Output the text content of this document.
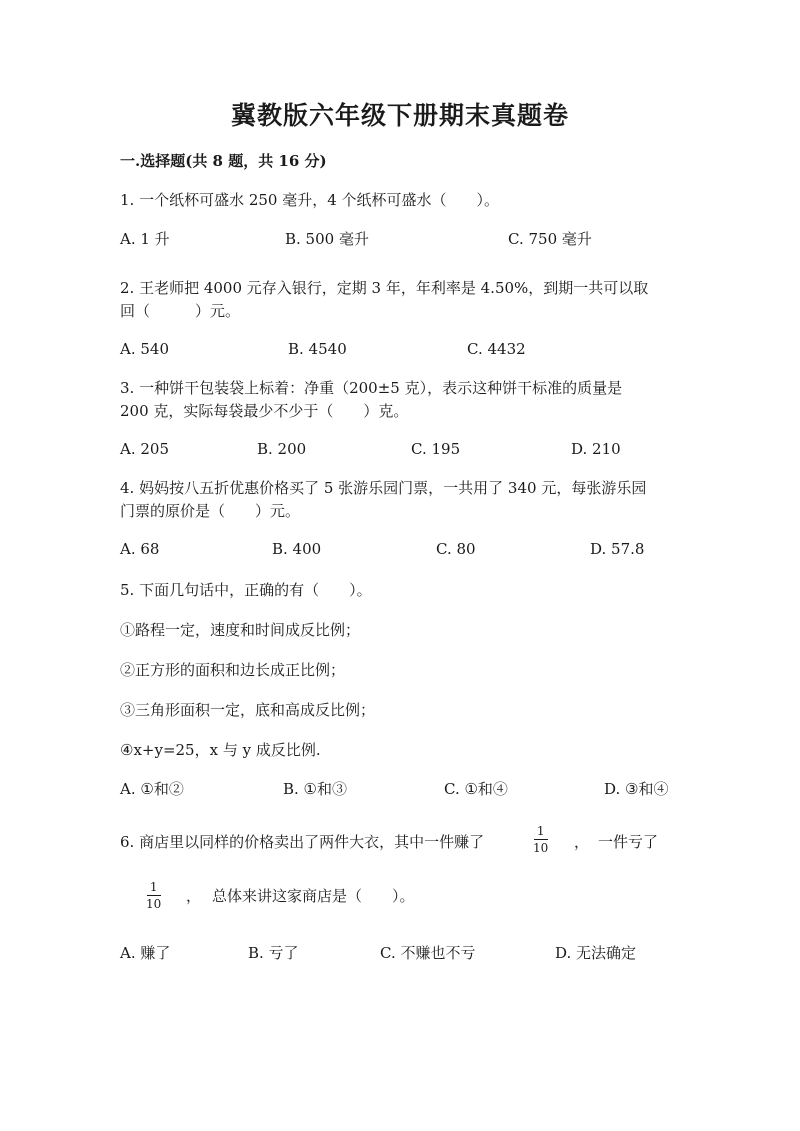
冀教版六年级下册期末真题卷
一.选择题(共 8 题，共 16 分)
1. 一个纸杯可盛水 250 毫升，4 个纸杯可盛水（　　）。
A. 1 升	B. 500 毫升	C. 750 毫升
2. 王老师把 4000 元存入银行，定期 3 年，年利率是 4.50%，到期一共可以取
回（　　　）元。
A. 540	B. 4540	C. 4432
3. 一种饼干包装袋上标着：净重（200±5 克），表示这种饼干标准的质量是
200 克，实际每袋最少不少于（　　）克。
A. 205	B. 200	C. 195	D. 210
4. 妈妈按八五折优惠价格买了 5 张游乐园门票，一共用了 340 元，每张游乐园
门票的原价是（　　）元。
A. 68	B. 400	C. 80	D. 57.8
5. 下面几句话中，正确的有（　　）。
①路程一定，速度和时间成反比例；
②正方形的面积和边长成正比例；
③三角形面积一定，底和高成反比例；
④x+y=25，x 与 y 成反比例.
A. ①和②	B. ①和③	C. ①和④	D. ③和④
6. 商店里以同样的价格卖出了两件大衣，其中一件赚了
1
10 ， 一件亏了
1
10 ， 总体来讲这家商店是（　　）。
A. 赚了	B. 亏了	C. 不赚也不亏	D. 无法确定
